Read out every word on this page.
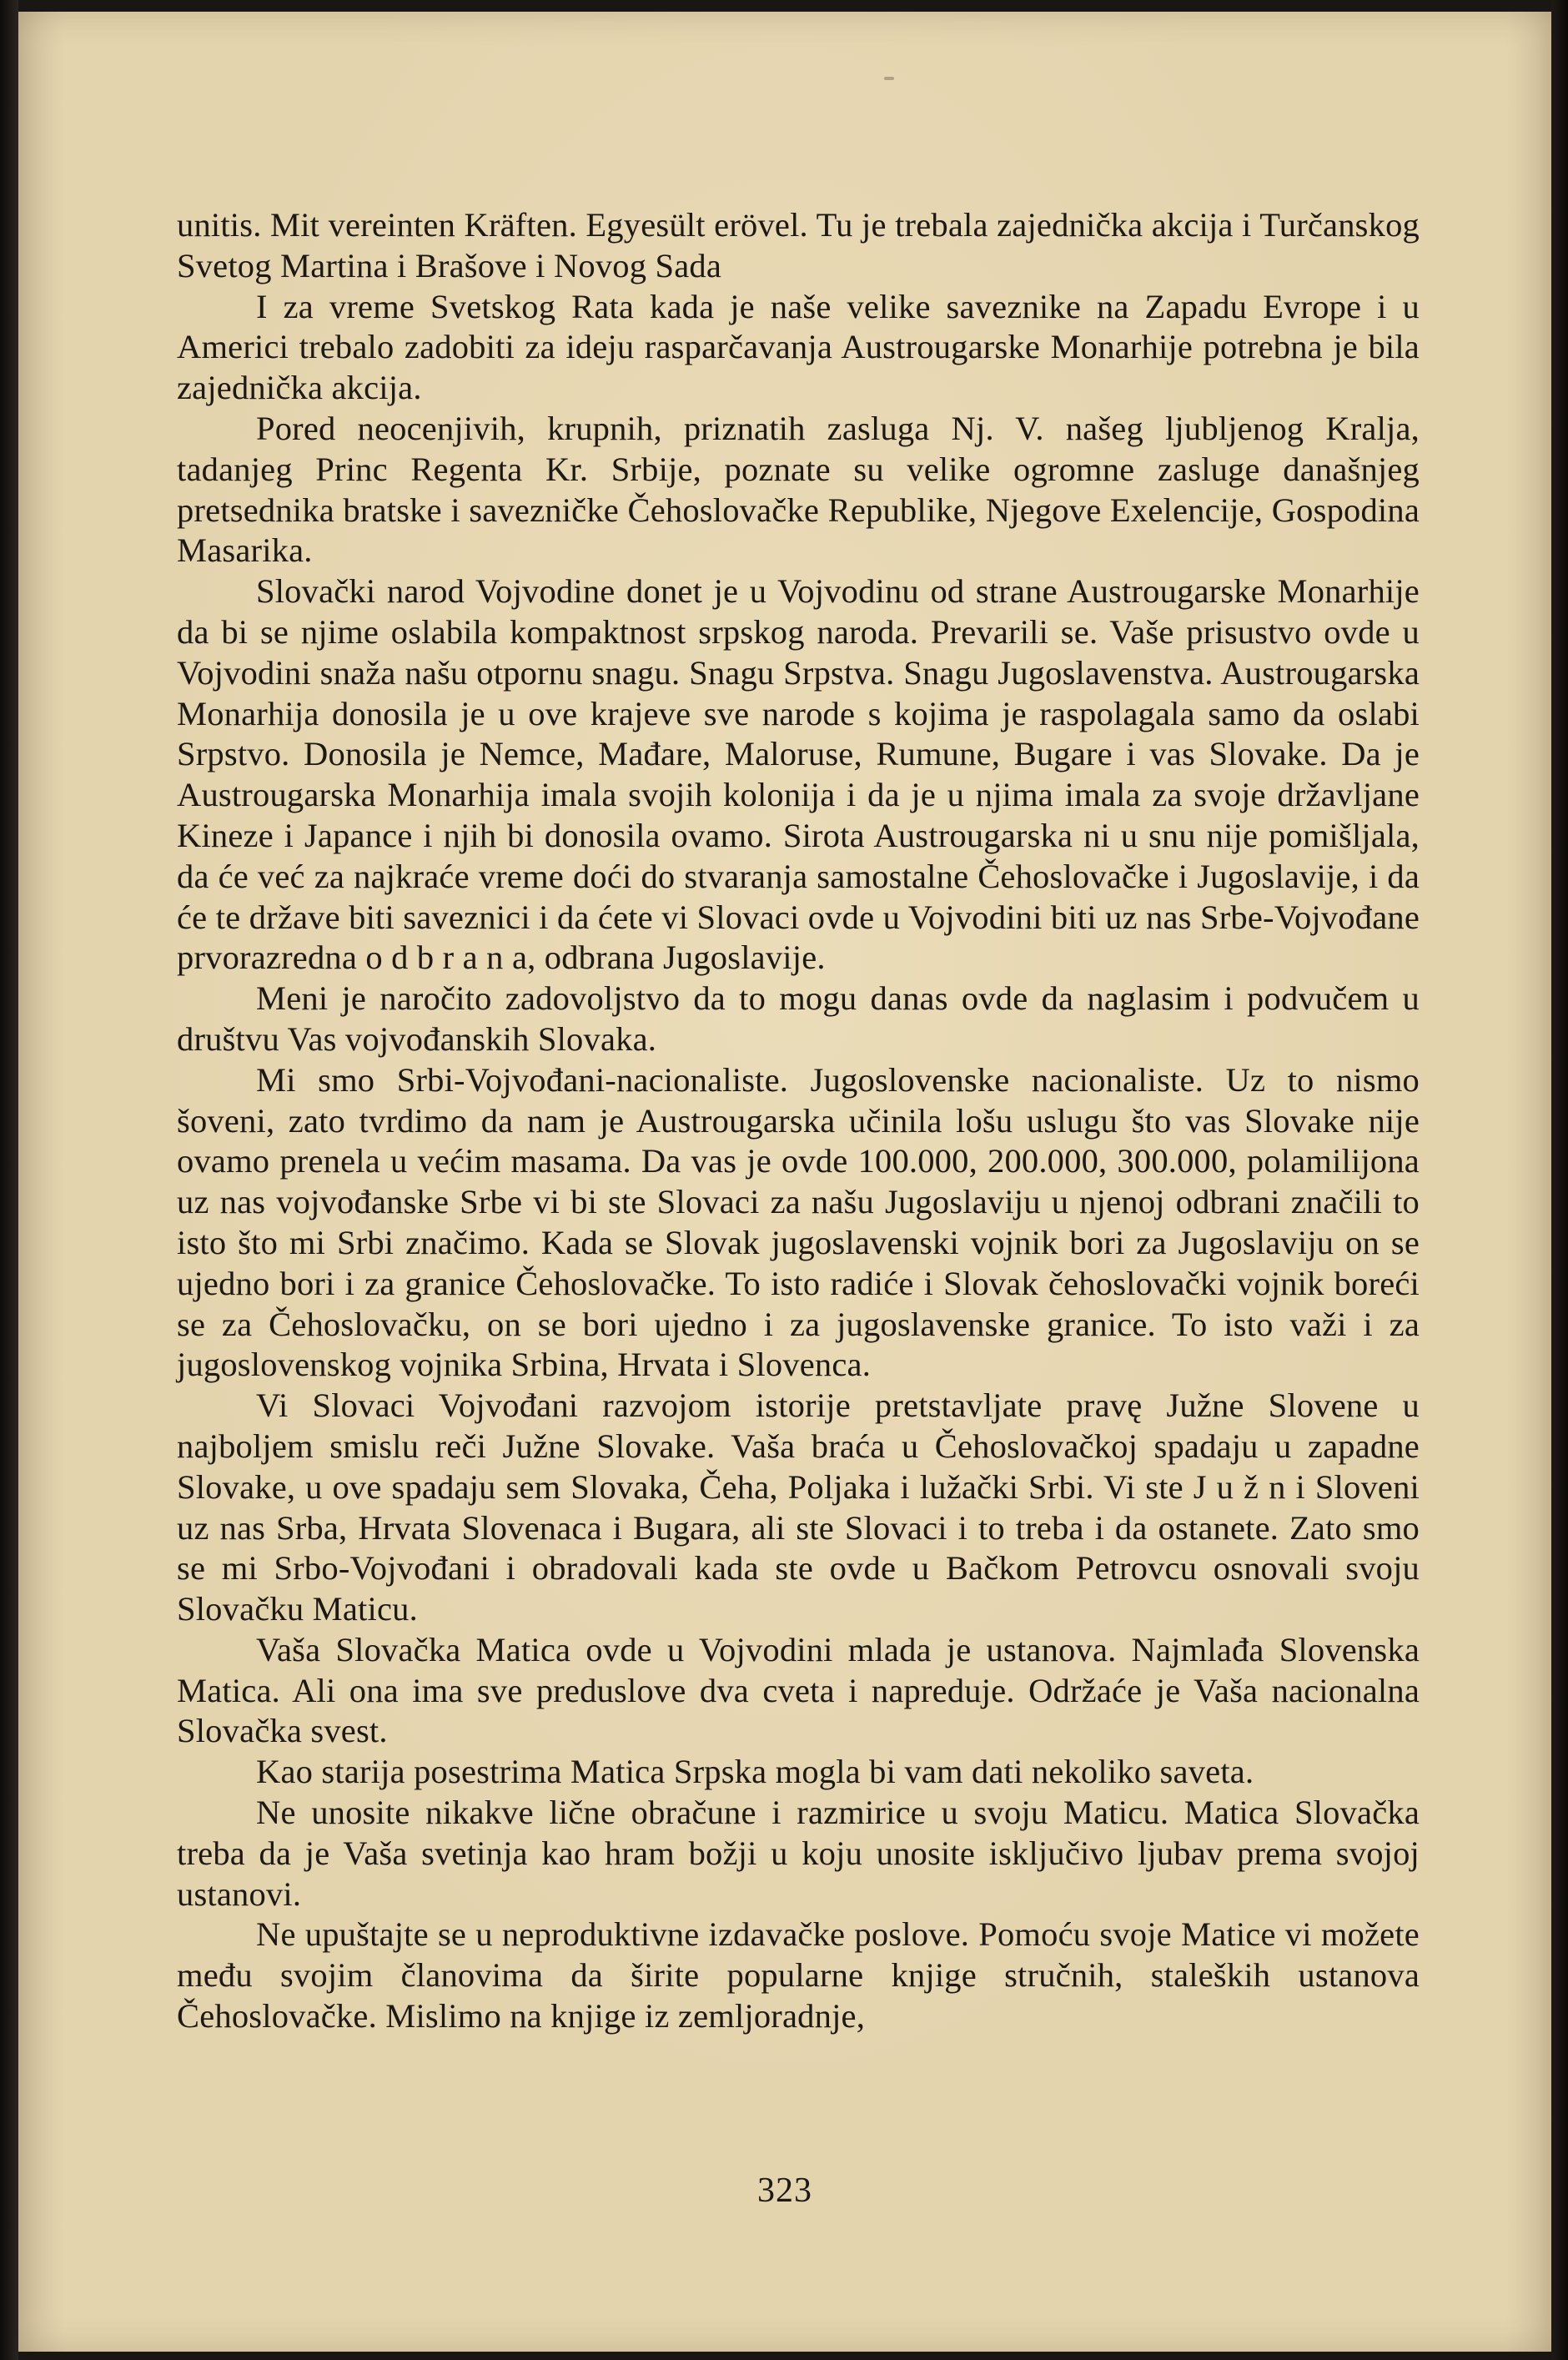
unitis. Mit vereinten Kräften. Egyesült erövel. Tu je trebala zajednička akcija i Turčanskog Svetog Martina i Brašove i Novog Sada

I za vreme Svetskog Rata kada je naše velike saveznike na Zapadu Evrope i u Americi trebalo zadobiti za ideju rasparčavanja Austrougarske Monarhije potrebna je bila zajednička akcija.

Pored neocenjivih, krupnih, priznatih zasluga Nj. V. našeg ljubljenog Kralja, tadanjeg Princ Regenta Kr. Srbije, poznate su velike ogromne zasluge današnjeg pretsednika bratske i savezničke Čehoslovačke Republike, Njegove Exelencije, Gospodina Masarika.

Slovački narod Vojvodine donet je u Vojvodinu od strane Austrougarske Monarhije da bi se njime oslabila kompaktnost srpskog naroda. Prevarili se. Vaše prisustvo ovde u Vojvodini snaža našu otpornu snagu. Snagu Srpstva. Snagu Jugoslavenstva. Austrougarska Monarhija donosila je u ove krajeve sve narode s kojima je raspolagala samo da oslabi Srpstvo. Donosila je Nemce, Mađare, Maloruse, Rumune, Bugare i vas Slovake. Da je Austrougarska Monarhija imala svojih kolonija i da je u njima imala za svoje državljane Kineze i Japance i njih bi donosila ovamo. Sirota Austrougarska ni u snu nije pomišljala, da će već za najkraće vreme doći do stvaranja samostalne Čehoslovačke i Jugoslavije, i da će te države biti saveznici i da ćete vi Slovaci ovde u Vojvodini biti uz nas Srbe-Vojvođane prvorazredna o d b r a n a, odbrana Jugoslavije.

Meni je naročito zadovoljstvo da to mogu danas ovde da naglasim i podvučem u društvu Vas vojvođanskih Slovaka.

Mi smo Srbi-Vojvođani-nacionaliste. Jugoslovenske nacionaliste. Uz to nismo šoveni, zato tvrdimo da nam je Austrougarska učinila lošu uslugu što vas Slovake nije ovamo prenela u većim masama. Da vas je ovde 100.000, 200.000, 300.000, polamilijona uz nas vojvođanske Srbe vi bi ste Slovaci za našu Jugoslaviju u njenoj odbrani značili to isto što mi Srbi značimo. Kada se Slovak jugoslavenski vojnik bori za Jugoslaviju on se ujedno bori i za granice Čehoslovačke. To isto radiće i Slovak čehoslovački vojnik boreći se za Čehoslovačku, on se bori ujedno i za jugoslavenske granice. To isto važi i za jugoslovenskog vojnika Srbina, Hrvata i Slovenca.

Vi Slovaci Vojvođani razvojom istorije pretstavljate pravę Južne Slovene u najboljem smislu reči Južne Slovake. Vaša braća u Čehoslovačkoj spadaju u zapadne Slovake, u ove spadaju sem Slovaka, Čeha, Poljaka i lužački Srbi. Vi ste J u ž n i Sloveni uz nas Srba, Hrvata Slovenaca i Bugara, ali ste Slovaci i to treba i da ostanete. Zato smo se mi Srbo-Vojvođani i obradovali kada ste ovde u Bačkom Petrovcu osnovali svoju Slovačku Maticu.

Vaša Slovačka Matica ovde u Vojvodini mlada je ustanova. Najmlađa Slovenska Matica. Ali ona ima sve preduslove dva cveta i napreduje. Održaće je Vaša nacionalna Slovačka svest.

Kao starija posestrima Matica Srpska mogla bi vam dati nekoliko saveta.

Ne unosite nikakve lične obračune i razmirice u svoju Maticu. Matica Slovačka treba da je Vaša svetinja kao hram božji u koju unosite isključivo ljubav prema svojoj ustanovi.

Ne upuštajte se u neproduktivne izdavačke poslove. Pomoću svoje Matice vi možete među svojim članovima da širite popularne knjige stručnih, staleških ustanova Čehoslovačke. Mislimo na knjige iz zemljoradnje,

323
